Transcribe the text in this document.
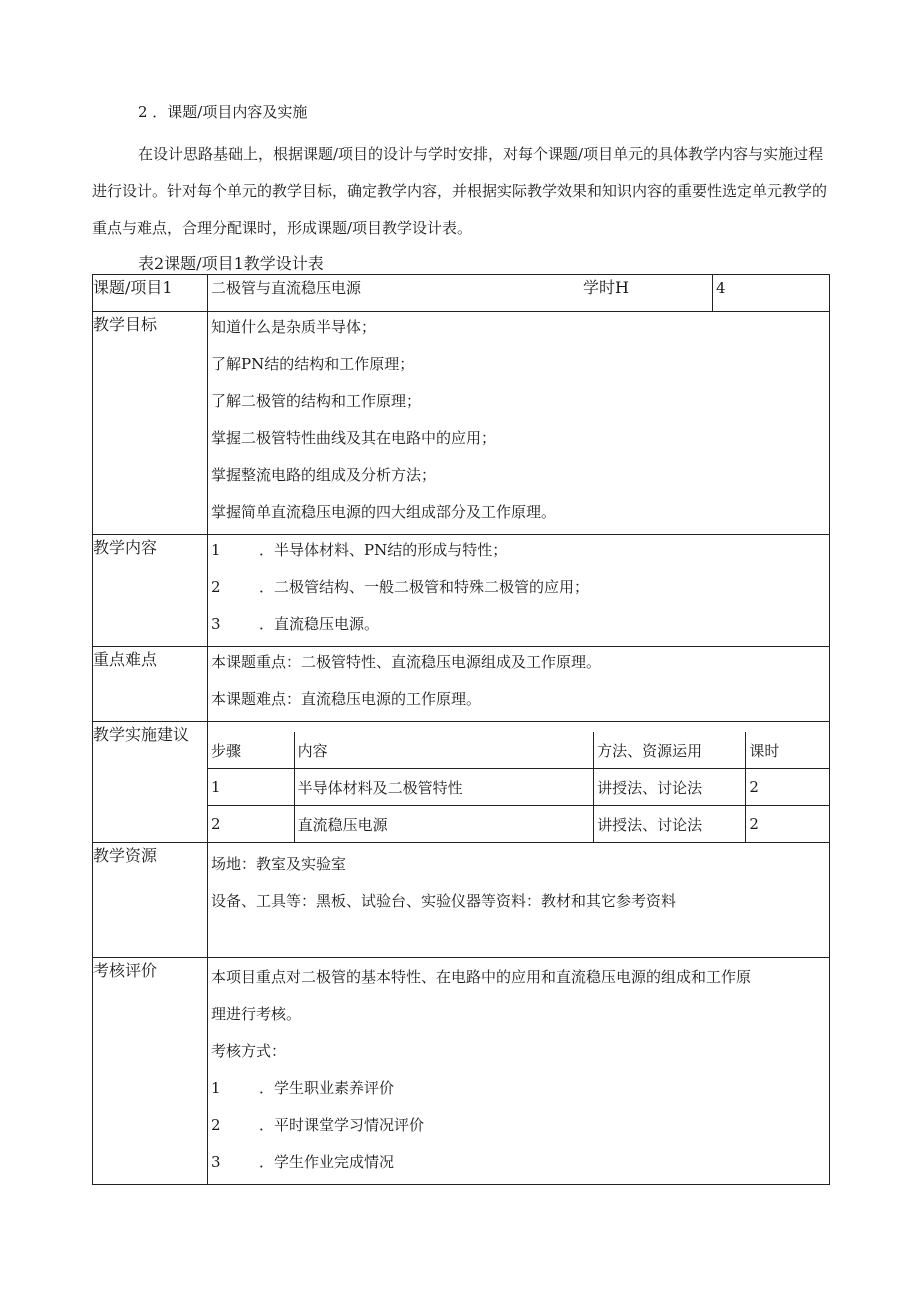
2 ．课题/项目内容及实施

在设计思路基础上，根据课题/项目的设计与学时安排，对每个课题/项目单元的具体教学内容与实施过程进行设计。针对每个单元的教学目标，确定教学内容，并根据实际教学效果和知识内容的重要性选定单元教学的重点与难点，合理分配课时，形成课题/项目教学设计表。

表2课题/项目1教学设计表
课题/项目1	二极管与直流稳压电源	学时H	4

教学目标	知道什么是杂质半导体；
了解PN结的结构和工作原理；
了解二极管的结构和工作原理；
掌握二极管特性曲线及其在电路中的应用；
掌握整流电路的组成及分析方法；
掌握简单直流稳压电源的四大组成部分及工作原理。

教学内容	1	．半导体材料、PN结的形成与特性；
2	．二极管结构、一般二极管和特殊二极管的应用；
3	．直流稳压电源。

重点难点	本课题重点：二极管特性、直流稳压电源组成及工作原理。
本课题难点：直流稳压电源的工作原理。

教学实施建议	
步骤	内容	方法、资源运用	课时
1	半导体材料及二极管特性	讲授法、讨论法	2
2	直流稳压电源	讲授法、讨论法	2

教学资源	场地：教室及实验室
设备、工具等：黑板、试验台、实验仪器等资料：教材和其它参考资料

考核评价	本项目重点对二极管的基本特性、在电路中的应用和直流稳压电源的组成和工作原
理进行考核。
考核方式：
1	．学生职业素养评价
2	．平时课堂学习情况评价
3	．学生作业完成情况
